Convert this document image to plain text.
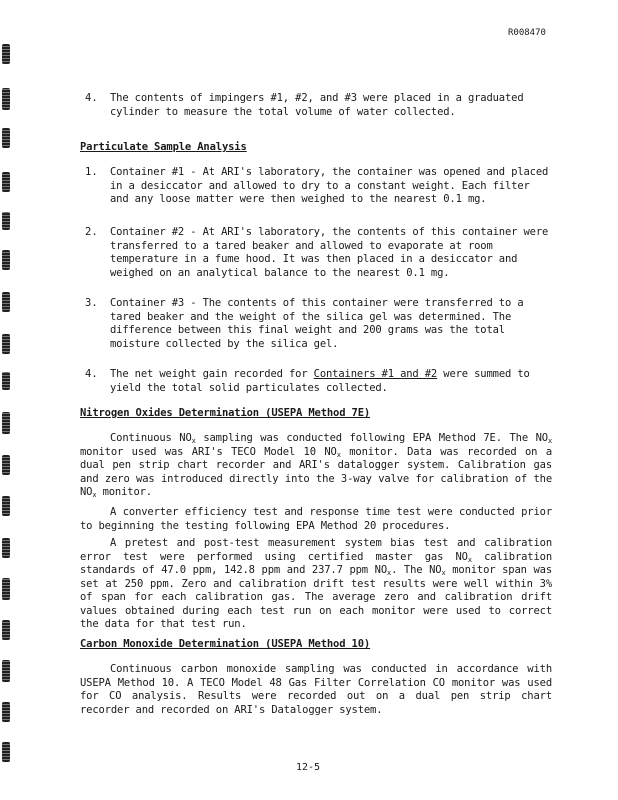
R008470
4. The contents of impingers #1, #2, and #3 were placed in a graduated cylinder to measure the total volume of water collected.
Particulate Sample Analysis
1. Container #1 - At ARI's laboratory, the container was opened and placed in a desiccator and allowed to dry to a constant weight. Each filter and any loose matter were then weighed to the nearest 0.1 mg.
2. Container #2 - At ARI's laboratory, the contents of this container were transferred to a tared beaker and allowed to evaporate at room temperature in a fume hood. It was then placed in a desiccator and weighed on an analytical balance to the nearest 0.1 mg.
3. Container #3 - The contents of this container were transferred to a tared beaker and the weight of the silica gel was determined. The difference between this final weight and 200 grams was the total moisture collected by the silica gel.
4. The net weight gain recorded for Containers #1 and #2 were summed to yield the total solid particulates collected.
Nitrogen Oxides Determination (USEPA Method 7E)
Continuous $NO_x$ sampling was conducted following EPA Method 7E. The $NO_x$ monitor used was ARI's TECO Model 10 $NO_x$ monitor. Data was recorded on a dual pen strip chart recorder and ARI's datalogger system. Calibration gas and zero was introduced directly into the 3-way valve for calibration of the $NO_x$ monitor.
A converter efficiency test and response time test were conducted prior to beginning the testing following EPA Method 20 procedures.
A pretest and post-test measurement system bias test and calibration error test were performed using certified master gas $NO_x$ calibration standards of 47.0 ppm, 142.8 ppm and 237.7 ppm $NO_x$. The $NO_x$ monitor span was set at 250 ppm. Zero and calibration drift test results were well within 3% of span for each calibration gas. The average zero and calibration drift values obtained during each test run on each monitor were used to correct the data for that test run.
Carbon Monoxide Determination (USEPA Method 10)
Continuous carbon monoxide sampling was conducted in accordance with USEPA Method 10. A TECO Model 48 Gas Filter Correlation CO monitor was used for CO analysis. Results were recorded out on a dual pen strip chart recorder and recorded on ARI's Datalogger system.
12-5
